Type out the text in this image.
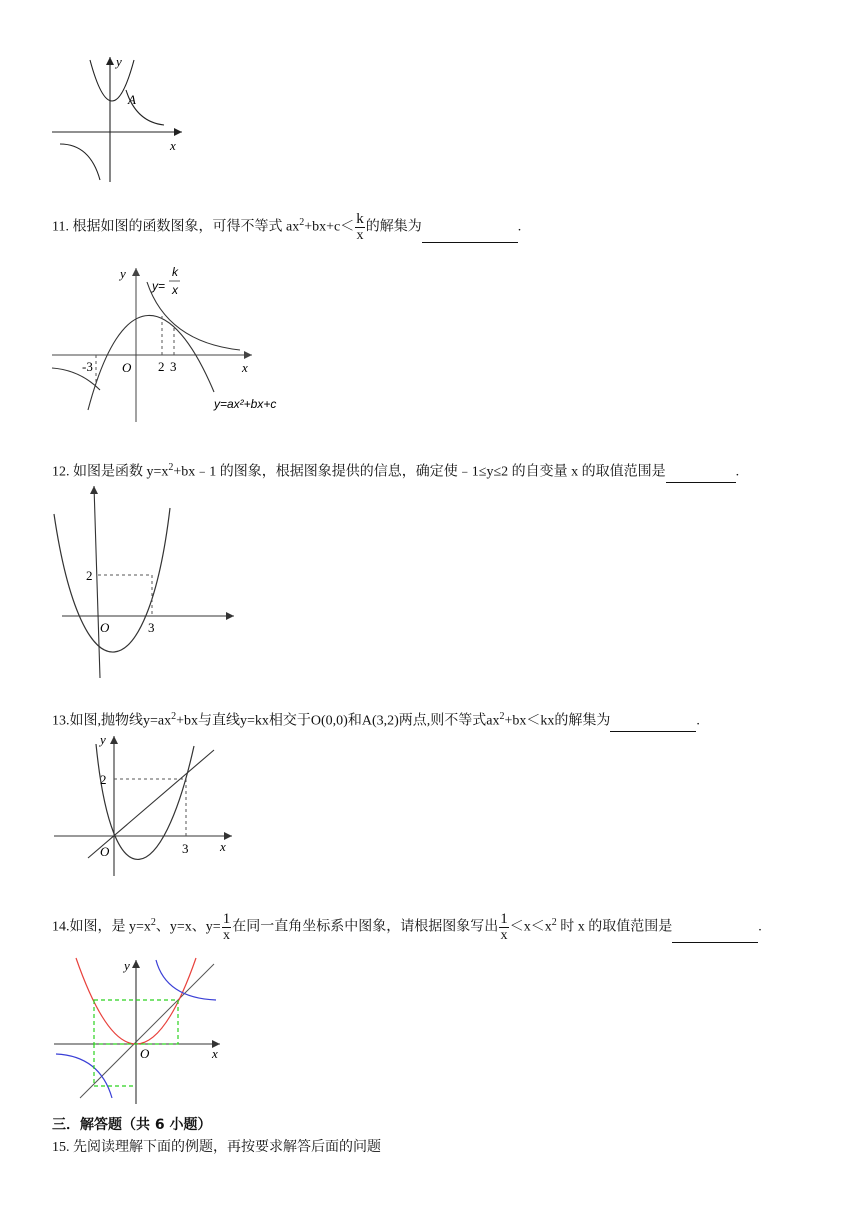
y
x
A
11. 根据如图的函数图象，可得不等式 $ax^2+bx+c< \frac{k}{x}$ 的解集为	.
y
x
O
-3	2 3
y=
k
x
y=ax²+bx+c
12. 如图是函数 $y=x^2+bx﹣1$ 的图象，根据图象提供的信息，确定使﹣1≤y≤2 的自变量 x 的取值范围是	.
2
3
O
13.如图,抛物线$y=ax^2+bx$与直线y=kx相交于O(0,0)和A(3,2)两点,则不等式$ax^2+bx<kx$的解集为	.
y
x
O
2
3
14.如图，是 $y=x^2$、y=x、$y= \frac{1}{x}$ 在同一直角坐标系中图象，请根据图象写出 $\frac{1}{x} <x<x^2$ 时 x 的取值范围是	.
y
x
O
三．解答题（共 6 小题）
15. 先阅读理解下面的例题，再按要求解答后面的问题
